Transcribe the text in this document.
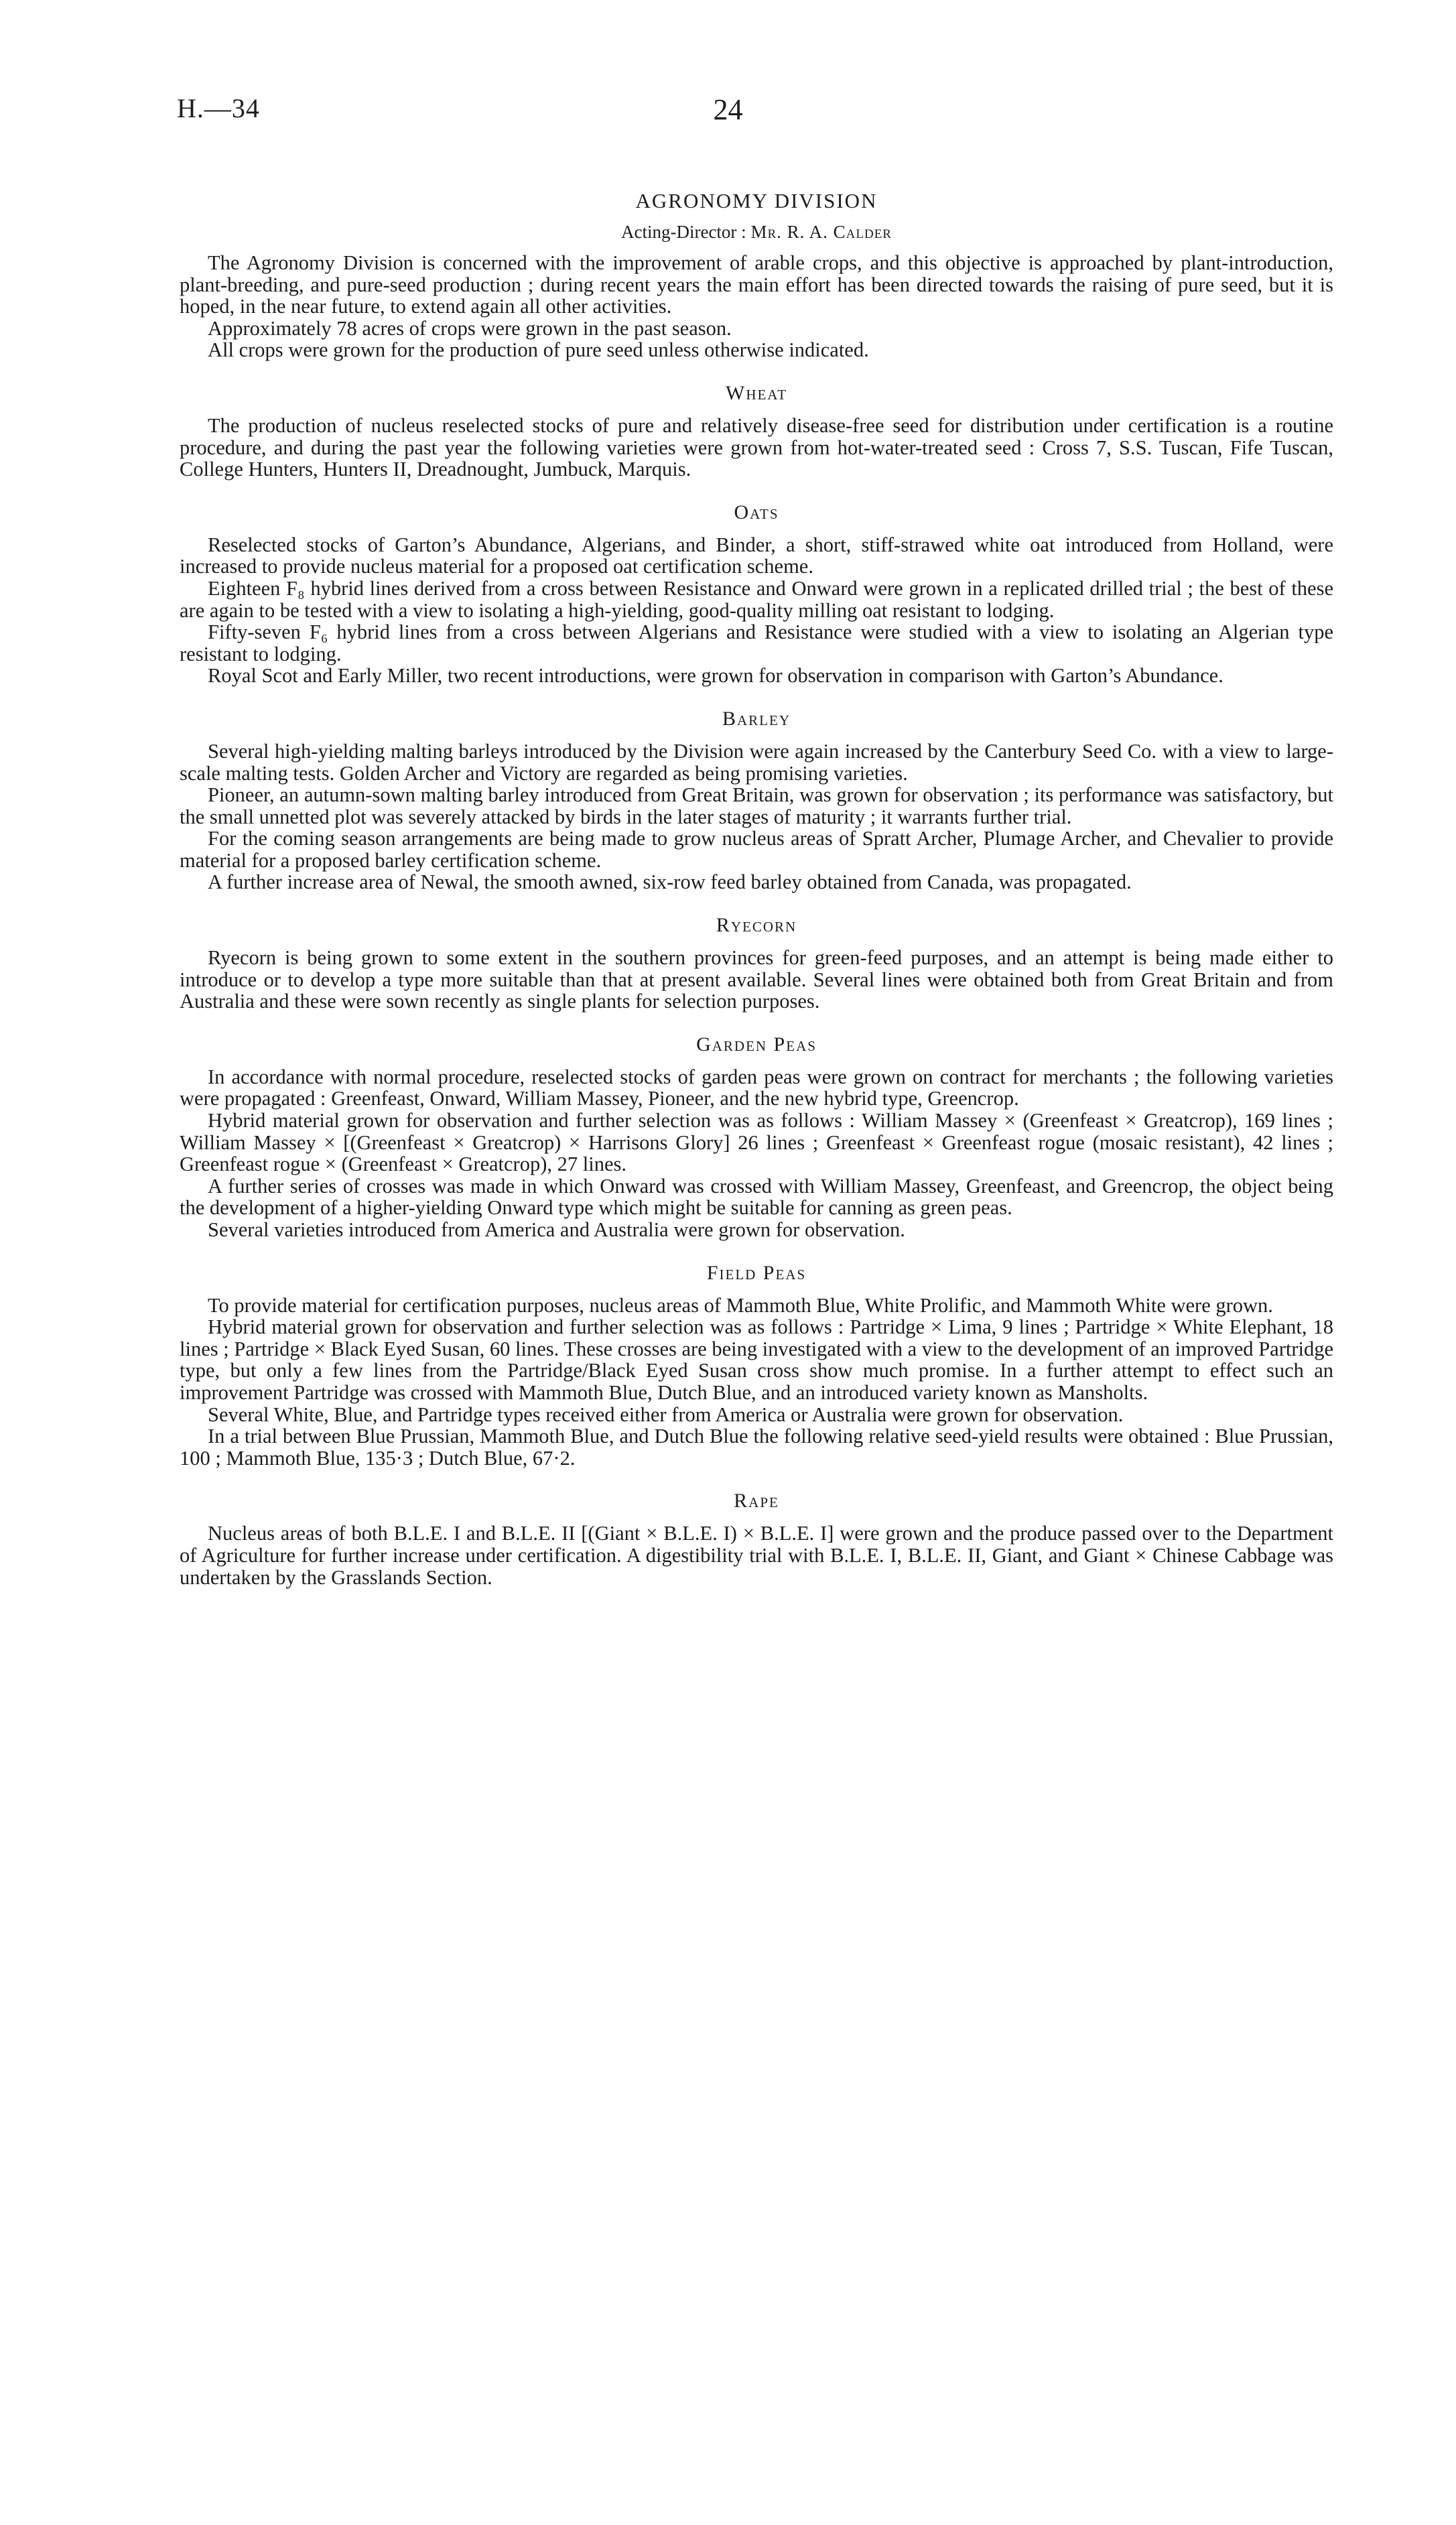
H.—34	24
AGRONOMY DIVISION
Acting-Director : Mr. R. A. Calder

The Agronomy Division is concerned with the improvement of arable crops, and this objective is approached by plant-introduction, plant-breeding, and pure-seed production ; during recent years the main effort has been directed towards the raising of pure seed, but it is hoped, in the near future, to extend again all other activities.

Approximately 78 acres of crops were grown in the past season.

All crops were grown for the production of pure seed unless otherwise indicated.

Wheat

The production of nucleus reselected stocks of pure and relatively disease-free seed for distribution under certification is a routine procedure, and during the past year the following varieties were grown from hot-water-treated seed : Cross 7, S.S. Tuscan, Fife Tuscan, College Hunters, Hunters II, Dreadnought, Jumbuck, Marquis.

Oats

Reselected stocks of Garton’s Abundance, Algerians, and Binder, a short, stiff-strawed white oat introduced from Holland, were increased to provide nucleus material for a proposed oat certification scheme.

Eighteen F₈ hybrid lines derived from a cross between Resistance and Onward were grown in a replicated drilled trial ; the best of these are again to be tested with a view to isolating a high-yielding, good-quality milling oat resistant to lodging.

Fifty-seven F₆ hybrid lines from a cross between Algerians and Resistance were studied with a view to isolating an Algerian type resistant to lodging.

Royal Scot and Early Miller, two recent introductions, were grown for observation in comparison with Garton’s Abundance.

Barley

Several high-yielding malting barleys introduced by the Division were again increased by the Canterbury Seed Co. with a view to large-scale malting tests. Golden Archer and Victory are regarded as being promising varieties.

Pioneer, an autumn-sown malting barley introduced from Great Britain, was grown for observation ; its performance was satisfactory, but the small unnetted plot was severely attacked by birds in the later stages of maturity ; it warrants further trial.

For the coming season arrangements are being made to grow nucleus areas of Spratt Archer, Plumage Archer, and Chevalier to provide material for a proposed barley certification scheme.

A further increase area of Newal, the smooth awned, six-row feed barley obtained from Canada, was propagated.

Ryecorn

Ryecorn is being grown to some extent in the southern provinces for green-feed purposes, and an attempt is being made either to introduce or to develop a type more suitable than that at present available. Several lines were obtained both from Great Britain and from Australia and these were sown recently as single plants for selection purposes.

Garden Peas

In accordance with normal procedure, reselected stocks of garden peas were grown on contract for merchants ; the following varieties were propagated : Greenfeast, Onward, William Massey, Pioneer, and the new hybrid type, Greencrop.

Hybrid material grown for observation and further selection was as follows : William Massey × (Greenfeast × Greatcrop), 169 lines ; William Massey × [(Greenfeast × Greatcrop) × Harrisons Glory] 26 lines ; Greenfeast × Greenfeast rogue (mosaic resistant), 42 lines ; Greenfeast rogue × (Greenfeast × Greatcrop), 27 lines.

A further series of crosses was made in which Onward was crossed with William Massey, Greenfeast, and Greencrop, the object being the development of a higher-yielding Onward type which might be suitable for canning as green peas.

Several varieties introduced from America and Australia were grown for observation.

Field Peas

To provide material for certification purposes, nucleus areas of Mammoth Blue, White Prolific, and Mammoth White were grown.

Hybrid material grown for observation and further selection was as follows : Partridge × Lima, 9 lines ; Partridge × White Elephant, 18 lines ; Partridge × Black Eyed Susan, 60 lines. These crosses are being investigated with a view to the development of an improved Partridge type, but only a few lines from the Partridge/Black Eyed Susan cross show much promise. In a further attempt to effect such an improvement Partridge was crossed with Mammoth Blue, Dutch Blue, and an introduced variety known as Mansholts.

Several White, Blue, and Partridge types received either from America or Australia were grown for observation.

In a trial between Blue Prussian, Mammoth Blue, and Dutch Blue the following relative seed-yield results were obtained : Blue Prussian, 100 ; Mammoth Blue, 135·3 ; Dutch Blue, 67·2.

Rape

Nucleus areas of both B.L.E. I and B.L.E. II [(Giant × B.L.E. I) × B.L.E. I] were grown and the produce passed over to the Department of Agriculture for further increase under certification. A digestibility trial with B.L.E. I, B.L.E. II, Giant, and Giant × Chinese Cabbage was undertaken by the Grasslands Section.
